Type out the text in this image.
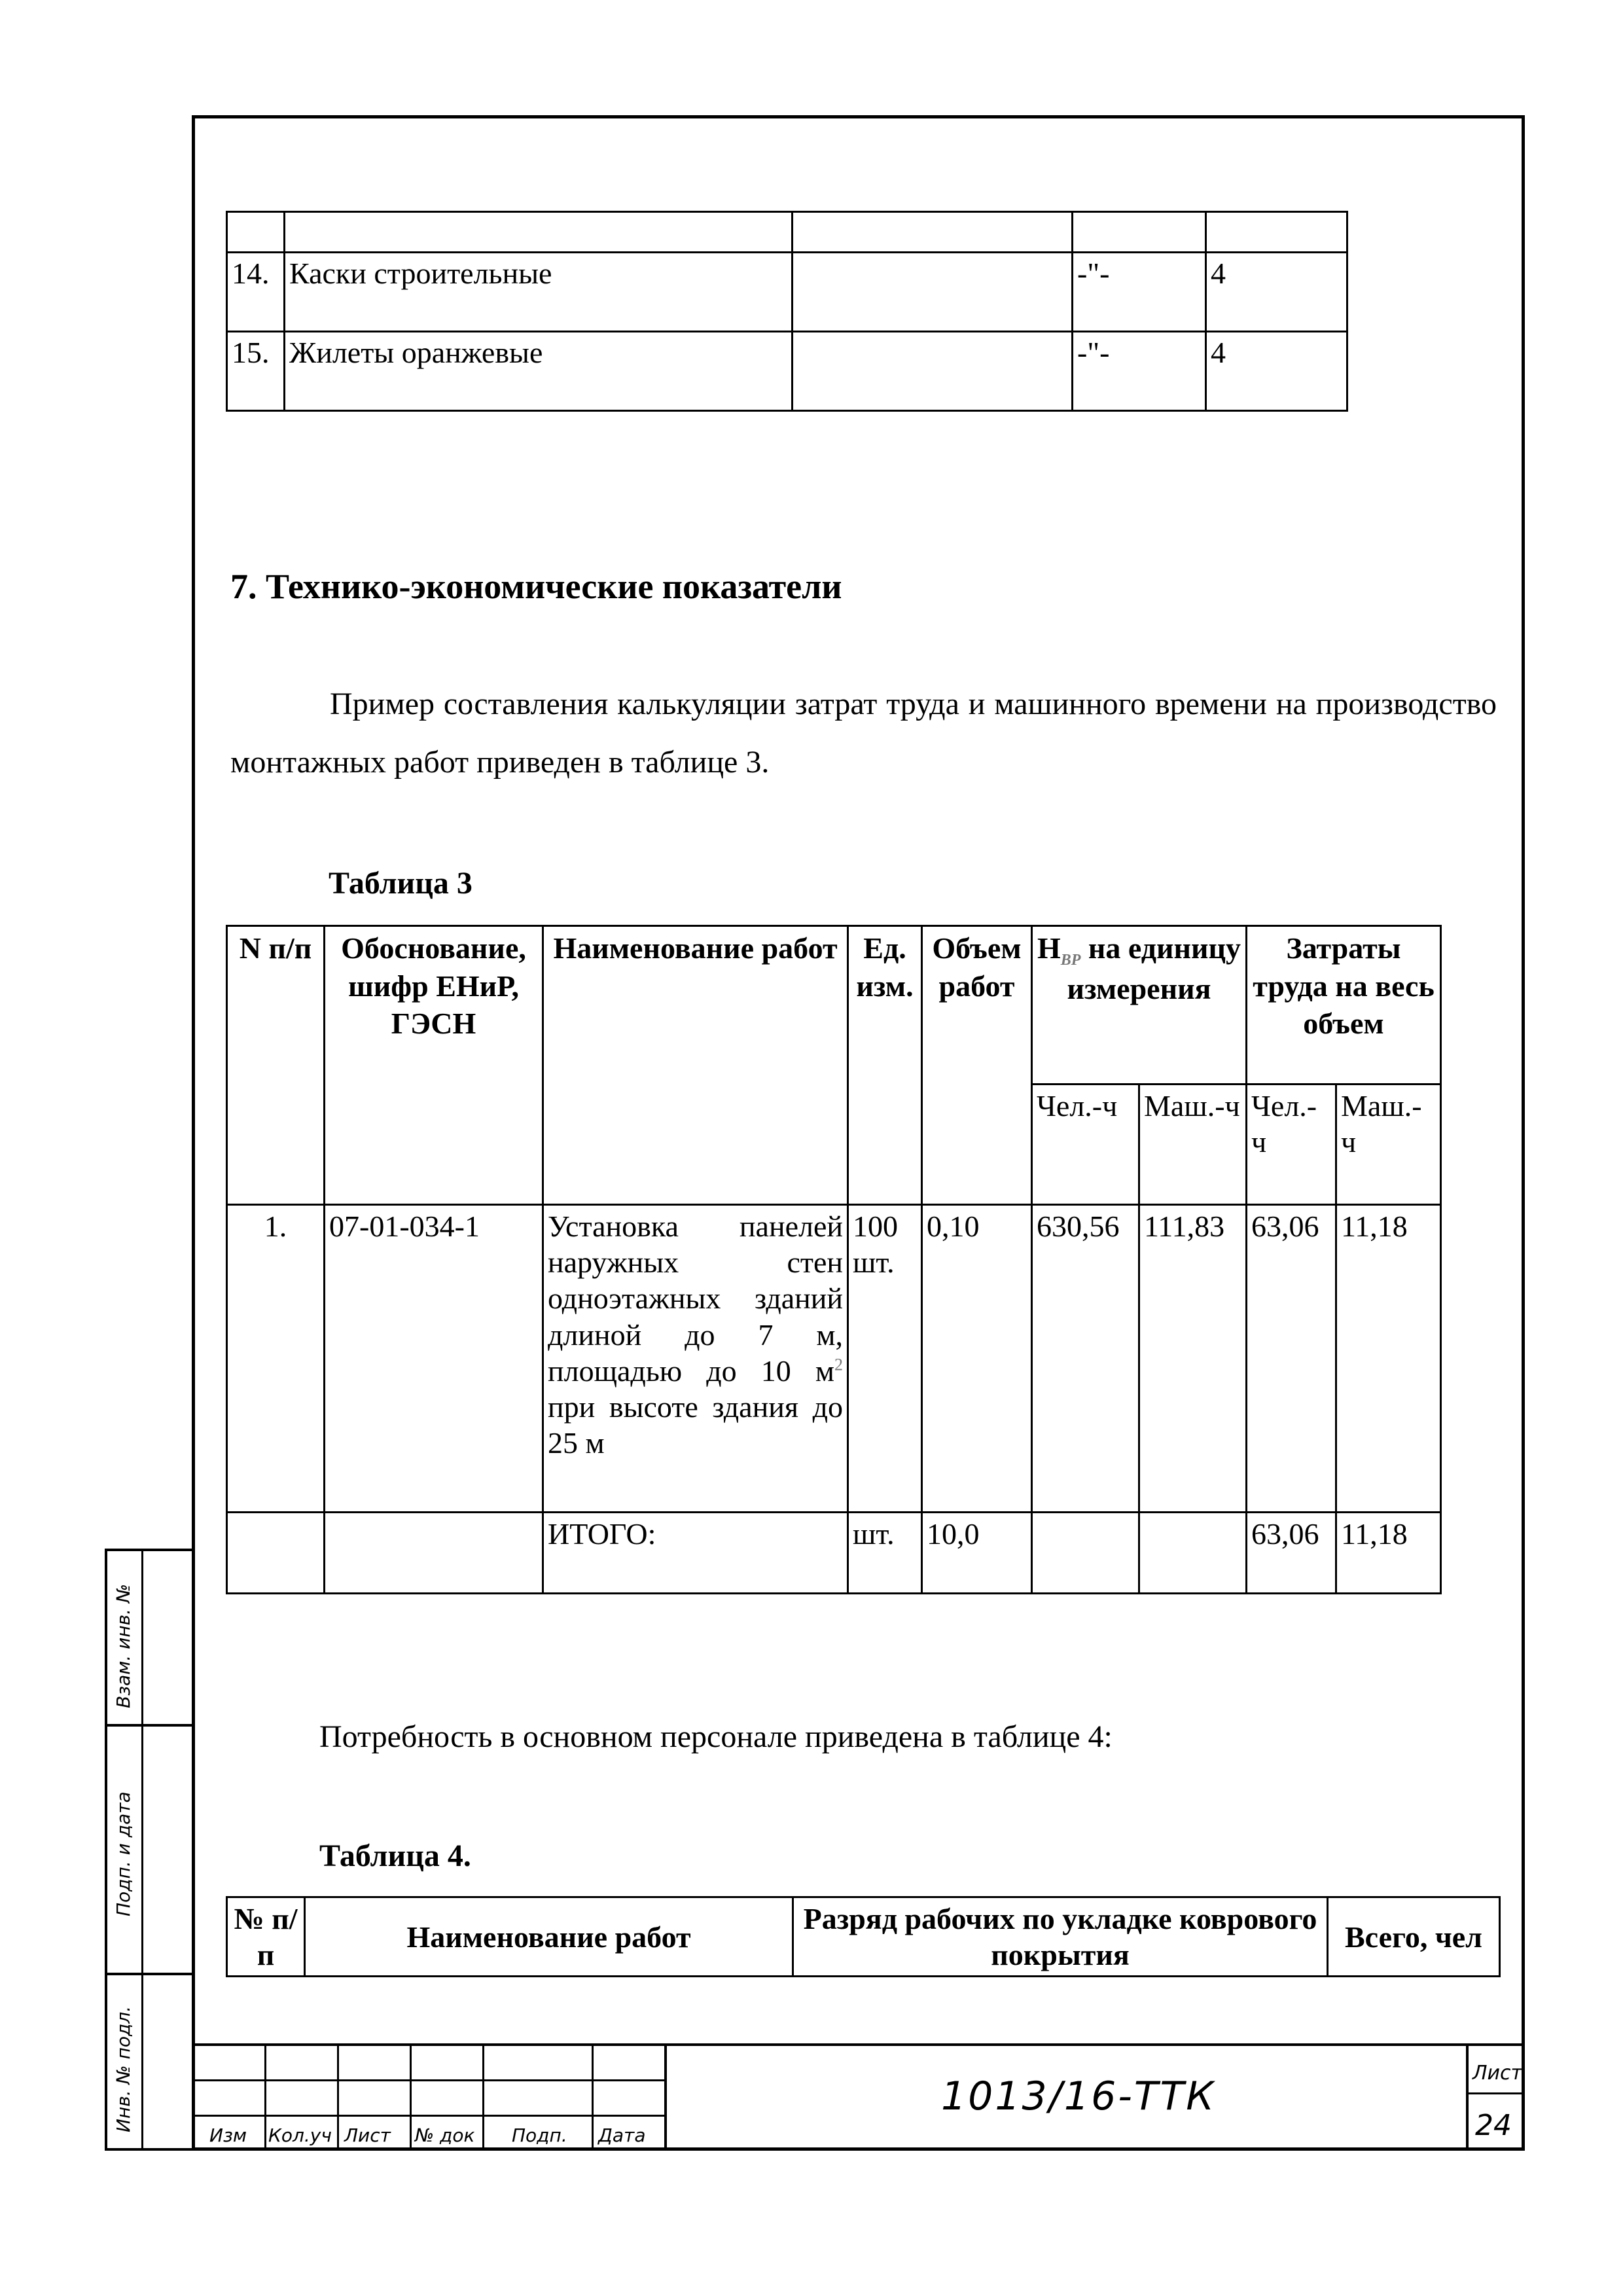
14.	Каски строительные		-"-	4
15.	Жилеты оранжевые		-"-	4
7. Технико-экономические показатели
Пример составления калькуляции затрат труда и машинного времени на производство монтажных работ приведен в таблице 3.
Таблица 3
N п/п	Обоснование, шифр ЕНиР, ГЭСН	Наименование работ	Ед. изм.	Объем работ	$Н_{ВР}$ на единицу измерения		Затраты труда на весь объем	
					Чел.-ч	Маш.-ч	Чел.-ч	Маш.-ч
1.	07-01-034-1	Установка панелей наружных стен одноэтажных зданий длиной до 7 м, площадью до 10 $м^2$ при высоте здания до 25 м	100 шт.	0,10	630,56	111,83	63,06	11,18
		ИТОГО:	шт.	10,0			63,06	11,18
Потребность в основном персонале приведена в таблице 4:
Таблица 4.
№ п/п	Наименование работ	Разряд рабочих по укладке коврового покрытия	Всего, чел
Изм Кол.уч Лист № док Подп. Дата
1013/16-ТТК
Лист
24
Взам. инв. №
Подп. и дата
Инв. № подл.
